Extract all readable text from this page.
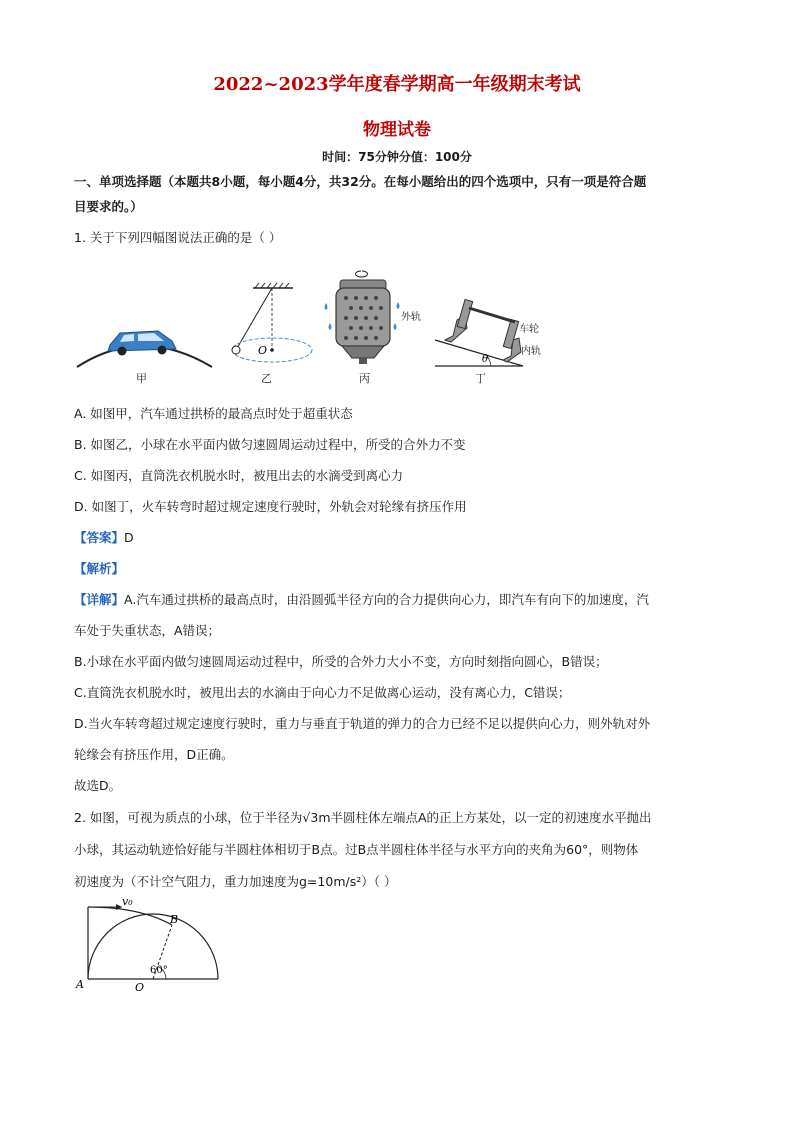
2022~2023学年度春学期高一年级期末考试
物理试卷
时间：75分钟分值：100分
一、单项选择题（本题共8小题，每小题4分，共32分。在每小题给出的四个选项中，只有一项是符合题
目要求的。）
1. 关于下列四幅图说法正确的是（ ）
甲
O
乙	丙
θ
外轨
车轮
内轨
丁
A. 如图甲，汽车通过拱桥的最高点时处于超重状态
B. 如图乙，小球在水平面内做匀速圆周运动过程中，所受的合外力不变
C. 如图丙，直筒洗衣机脱水时，被甩出去的水滴受到离心力
D. 如图丁，火车转弯时超过规定速度行驶时，外轨会对轮缘有挤压作用
【答案】D
【解析】
【详解】A.汽车通过拱桥的最高点时，由沿圆弧半径方向的合力提供向心力，即汽车有向下的加速度，汽
车处于失重状态，A错误；
B.小球在水平面内做匀速圆周运动过程中，所受的合外力大小不变，方向时刻指向圆心，B错误；
C.直筒洗衣机脱水时，被甩出去的水滴由于向心力不足做离心运动，没有离心力，C错误；
D.当火车转弯超过规定速度行驶时，重力与垂直于轨道的弹力的合力已经不足以提供向心力，则外轨对外
轮缘会有挤压作用，D正确。
故选D。
2. 如图，可视为质点的小球，位于半径为√3m半圆柱体左端点A的正上方某处，以一定的初速度水平抛出
小球，其运动轨迹恰好能与半圆柱体相切于B点。过B点半圆柱体半径与水平方向的夹角为60°，则物体
初速度为（不计空气阻力，重力加速度为g=10m/s²）（ ）
v₀
B
A	O
60°
